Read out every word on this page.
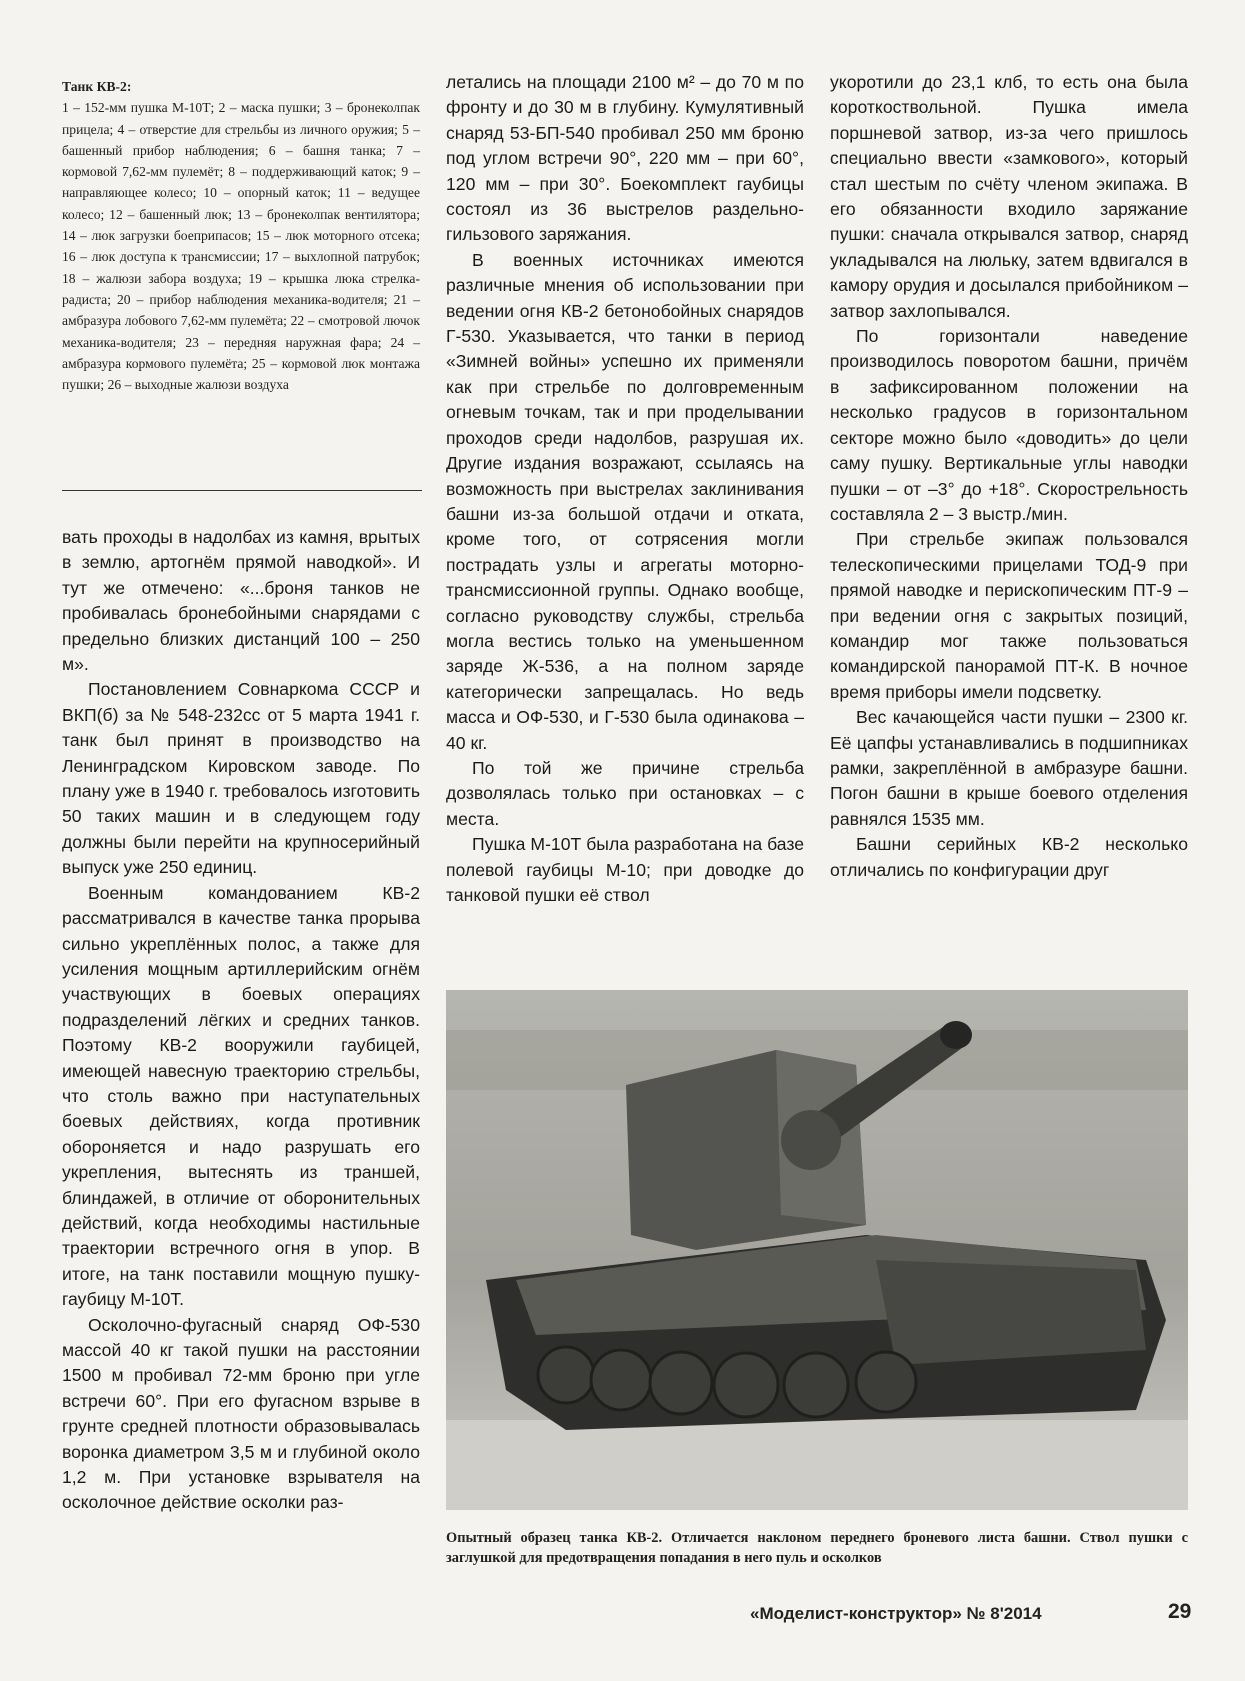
Танк КВ-2:
1 – 152-мм пушка М-10Т; 2 – маска пушки; 3 – бронеколпак прицела; 4 – отверстие для стрельбы из личного оружия; 5 – башенный прибор наблюдения; 6 – башня танка; 7 – кормовой 7,62-мм пулемёт; 8 – поддерживающий каток; 9 – направляющее колесо; 10 – опорный каток; 11 – ведущее колесо; 12 – башенный люк; 13 – бронеколпак вентилятора; 14 – люк загрузки боеприпасов; 15 – люк моторного отсека; 16 – люк доступа к трансмиссии; 17 – выхлопной патрубок; 18 – жалюзи забора воздуха; 19 – крышка люка стрелка-радиста; 20 – прибор наблюдения механика-водителя; 21 – амбразура лобового 7,62-мм пулемёта; 22 – смотровой лючок механика-водителя; 23 – передняя наружная фара; 24 – амбразура кормового пулемёта; 25 – кормовой люк монтажа пушки; 26 – выходные жалюзи воздуха

вать проходы в надолбах из камня, врытых в землю, артогнём прямой наводкой». И тут же отмечено: «...броня танков не пробивалась бронебойными снарядами с предельно близких дистанций 100 – 250 м».

Постановлением Совнаркома СССР и ВКП(б) за № 548-232сс от 5 марта 1941 г. танк был принят в производство на Ленинградском Кировском заводе. По плану уже в 1940 г. требовалось изготовить 50 таких машин и в следующем году должны были перейти на крупносерийный выпуск уже 250 единиц.

Военным командованием КВ-2 рассматривался в качестве танка прорыва сильно укреплённых полос, а также для усиления мощным артиллерийским огнём участвующих в боевых операциях подразделений лёгких и средних танков. Поэтому КВ-2 вооружили гаубицей, имеющей навесную траекторию стрельбы, что столь важно при наступательных боевых действиях, когда противник обороняется и надо разрушать его укрепления, вытеснять из траншей, блиндажей, в отличие от оборонительных действий, когда необходимы настильные траектории встречного огня в упор. В итоге, на танк поставили мощную пушку-гаубицу М-10Т.

Осколочно-фугасный снаряд ОФ-530 массой 40 кг такой пушки на расстоянии 1500 м пробивал 72-мм броню при угле встречи 60°. При его фугасном взрыве в грунте средней плотности образовывалась воронка диаметром 3,5 м и глубиной около 1,2 м. При установке взрывателя на осколочное действие осколки раз-

летались на площади 2100 м² – до 70 м по фронту и до 30 м в глубину. Кумулятивный снаряд 53-БП-540 пробивал 250 мм броню под углом встречи 90°, 220 мм – при 60°, 120 мм – при 30°. Боекомплект гаубицы состоял из 36 выстрелов раздельно-гильзового заряжания.

В военных источниках имеются различные мнения об использовании при ведении огня КВ-2 бетонобойных снарядов Г-530. Указывается, что танки в период «Зимней войны» успешно их применяли как при стрельбе по долговременным огневым точкам, так и при проделывании проходов среди надолбов, разрушая их. Другие издания возражают, ссылаясь на возможность при выстрелах заклинивания башни из-за большой отдачи и отката, кроме того, от сотрясения могли пострадать узлы и агрегаты моторно-трансмиссионной группы. Однако вообще, согласно руководству службы, стрельба могла вестись только на уменьшенном заряде Ж-536, а на полном заряде категорически запрещалась. Но ведь масса и ОФ-530, и Г-530 была одинакова – 40 кг.

По той же причине стрельба дозволялась только при остановках – с места.

Пушка М-10Т была разработана на базе полевой гаубицы М-10; при доводке до танковой пушки её ствол

укоротили до 23,1 клб, то есть она была короткоствольной. Пушка имела поршневой затвор, из-за чего пришлось специально ввести «замкового», который стал шестым по счёту членом экипажа. В его обязанности входило заряжание пушки: сначала открывался затвор, снаряд укладывался на люльку, затем вдвигался в камору орудия и досылался прибойником – затвор захлопывался.

По горизонтали наведение производилось поворотом башни, причём в зафиксированном положении на несколько градусов в горизонтальном секторе можно было «доводить» до цели саму пушку. Вертикальные углы наводки пушки – от –3° до +18°. Скорострельность составляла 2 – 3 выстр./мин.

При стрельбе экипаж пользовался телескопическими прицелами ТОД-9 при прямой наводке и перископическим ПТ-9 – при ведении огня с закрытых позиций, командир мог также пользоваться командирской панорамой ПТ-К. В ночное время приборы имели подсветку.

Вес качающейся части пушки – 2300 кг. Её цапфы устанавливались в подшипниках рамки, закреплённой в амбразуре башни. Погон башни в крыше боевого отделения равнялся 1535 мм.

Башни серийных КВ-2 несколько отличались по конфигурации друг

Опытный образец танка КВ-2. Отличается наклоном переднего броневого листа башни. Ствол пушки с заглушкой для предотвращения попадания в него пуль и осколков
«Моделист-конструктор» № 8'2014	29
